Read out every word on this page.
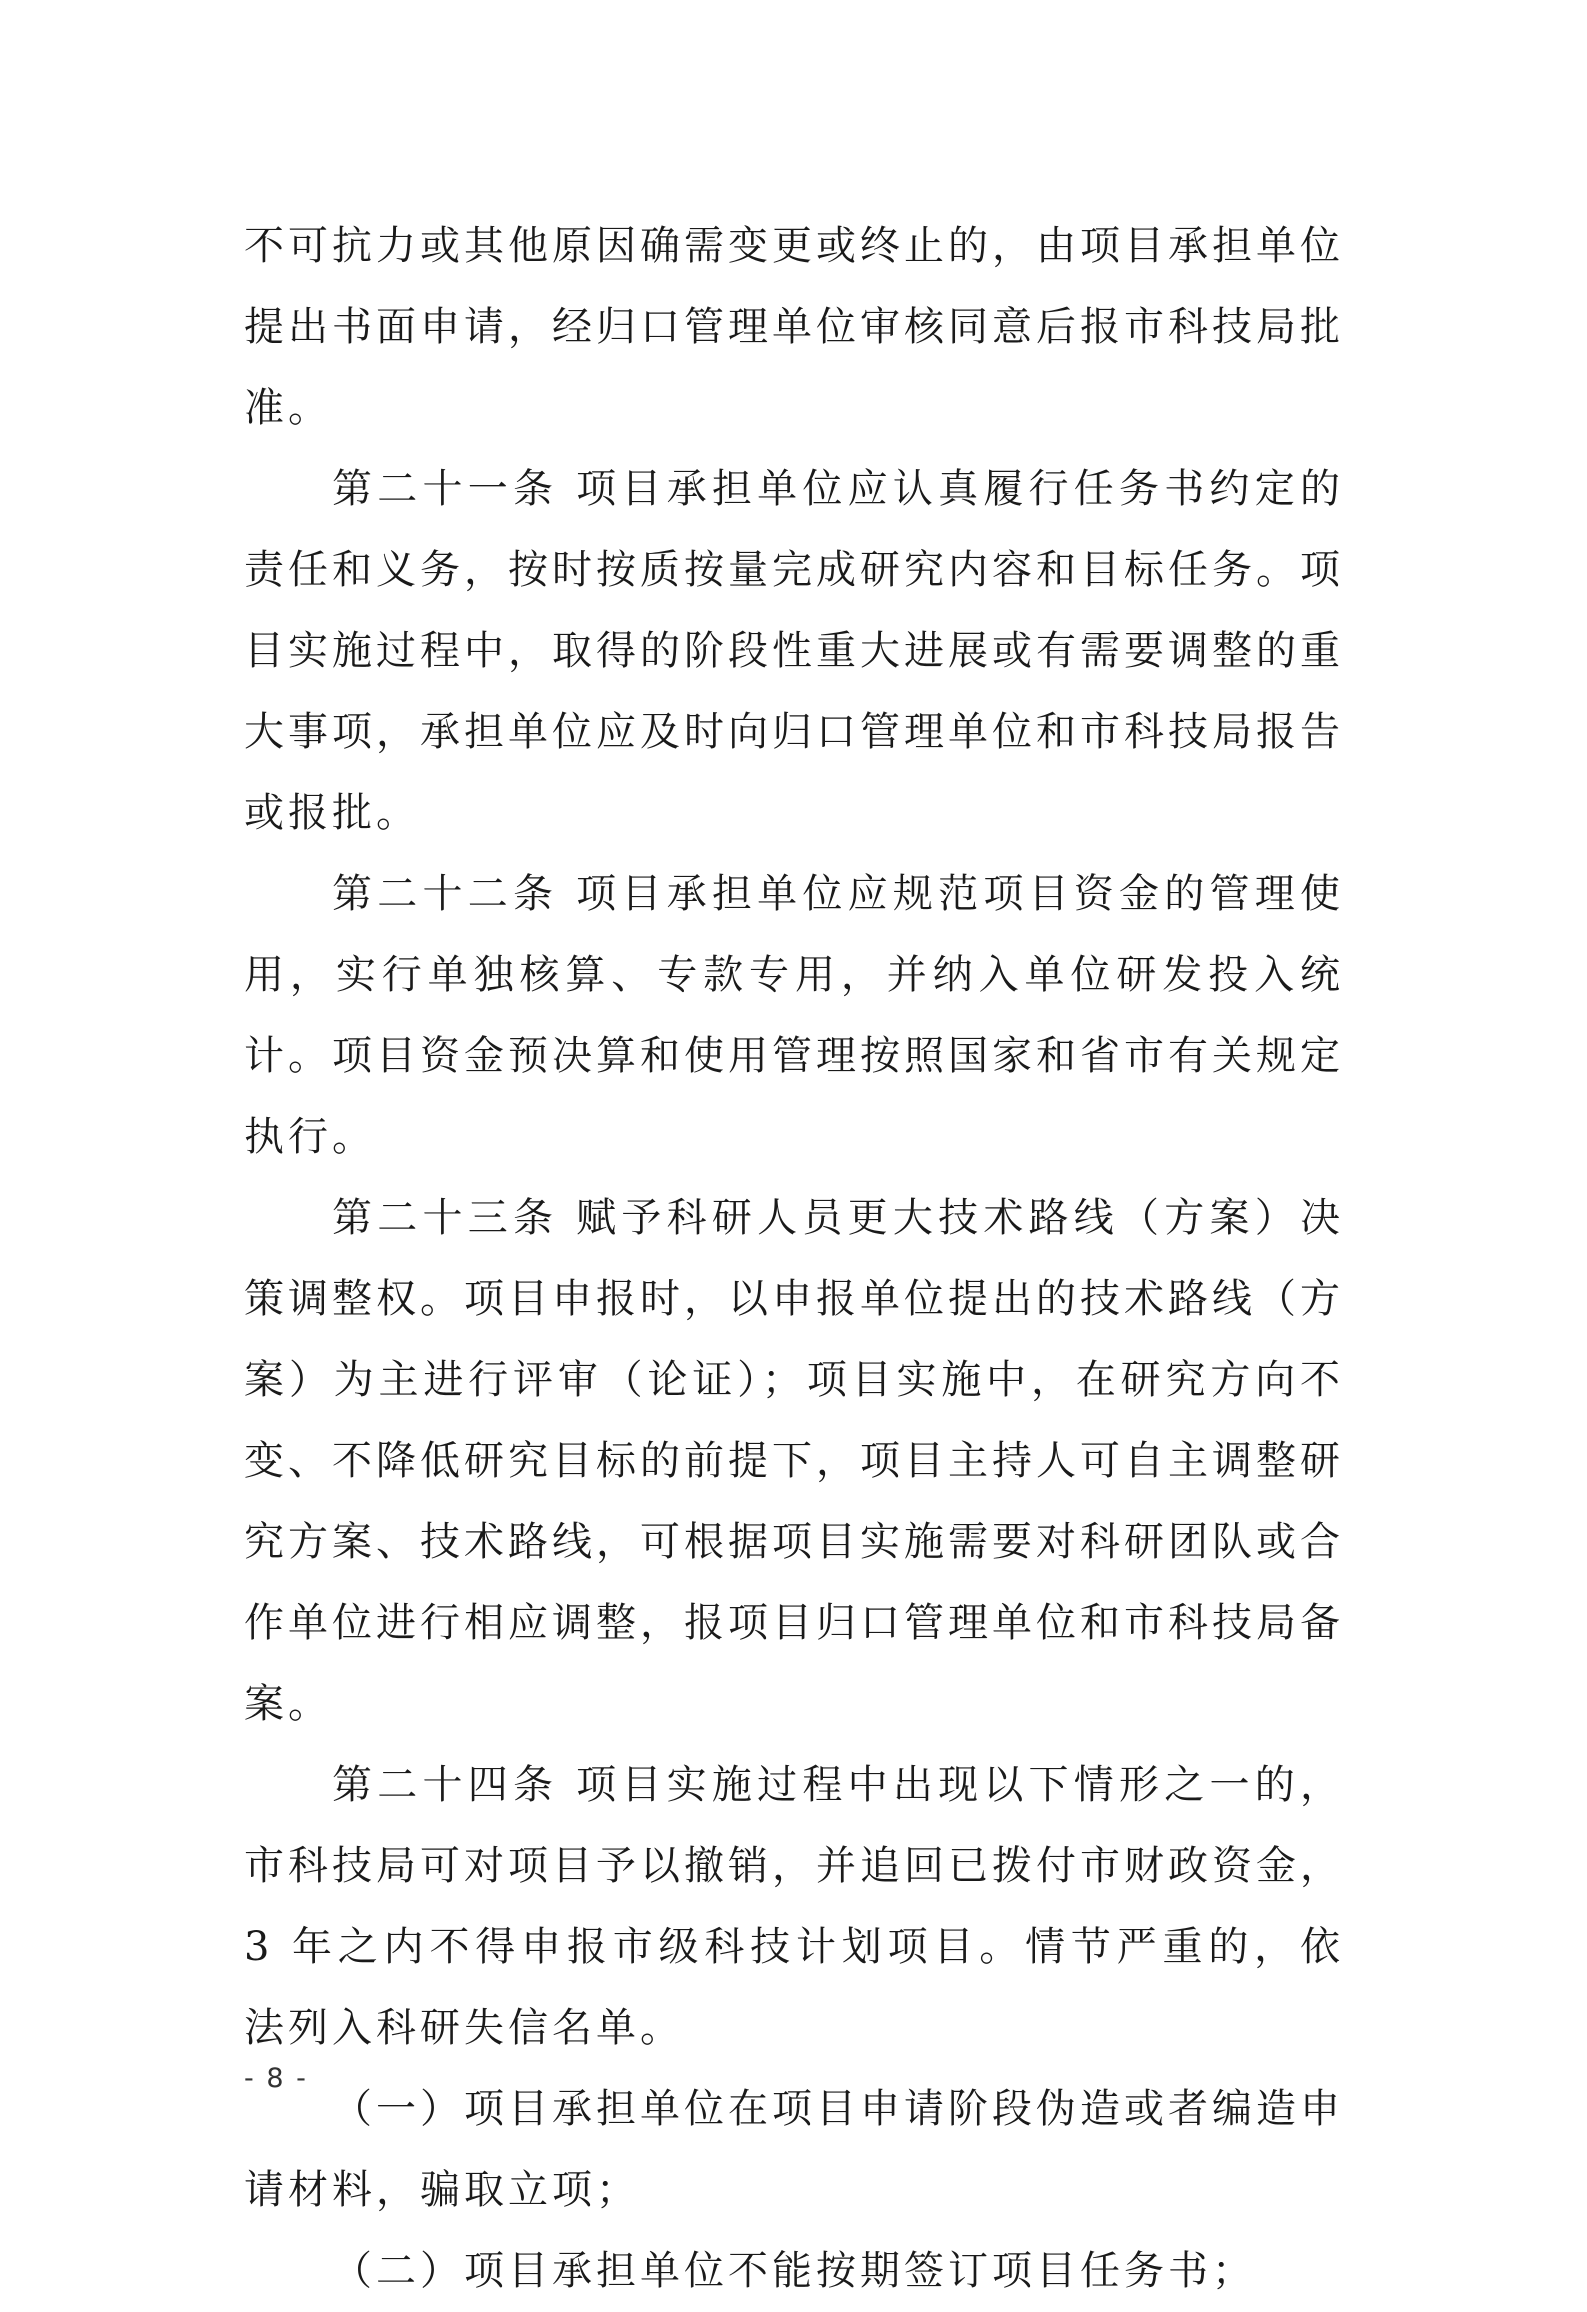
不可抗力或其他原因确需变更或终止的，由项目承担单位提出书面申请，经归口管理单位审核同意后报市科技局批准。

第二十一条 项目承担单位应认真履行任务书约定的责任和义务，按时按质按量完成研究内容和目标任务。项目实施过程中，取得的阶段性重大进展或有需要调整的重大事项，承担单位应及时向归口管理单位和市科技局报告或报批。

第二十二条 项目承担单位应规范项目资金的管理使用，实行单独核算、专款专用，并纳入单位研发投入统计。项目资金预决算和使用管理按照国家和省市有关规定执行。

第二十三条 赋予科研人员更大技术路线（方案）决策调整权。项目申报时，以申报单位提出的技术路线（方案）为主进行评审（论证）；项目实施中，在研究方向不变、不降低研究目标的前提下，项目主持人可自主调整研究方案、技术路线，可根据项目实施需要对科研团队或合作单位进行相应调整，报项目归口管理单位和市科技局备案。

第二十四条 项目实施过程中出现以下情形之一的，市科技局可对项目予以撤销，并追回已拨付市财政资金，3 年之内不得申报市级科技计划项目。情节严重的，依法列入科研失信名单。

（一）项目承担单位在项目申请阶段伪造或者编造申请材料，骗取立项；

（二）项目承担单位不能按期签订项目任务书；

- 8 -
